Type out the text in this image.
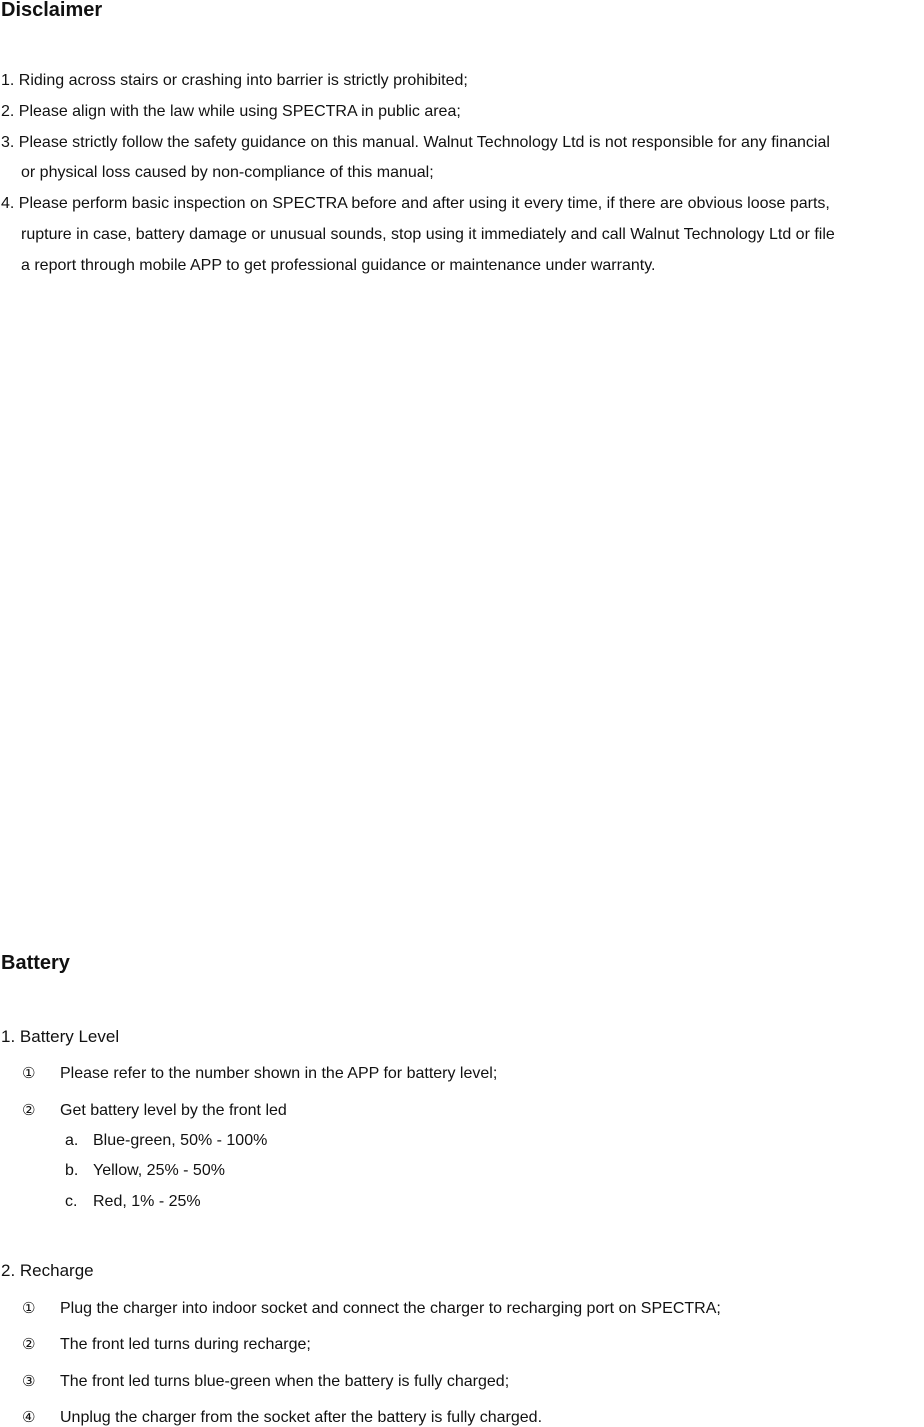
Disclaimer
1. Riding across stairs or crashing into barrier is strictly prohibited;
2. Please align with the law while using SPECTRA in public area;
3. Please strictly follow the safety guidance on this manual. Walnut Technology Ltd is not responsible for any financial
or physical loss caused by non-compliance of this manual;
4. Please perform basic inspection on SPECTRA before and after using it every time, if there are obvious loose parts,
rupture in case, battery damage or unusual sounds, stop using it immediately and call Walnut Technology Ltd or file
a report through mobile APP to get professional guidance or maintenance under warranty.
Battery
1. Battery Level
① Please refer to the number shown in the APP for battery level;
② Get battery level by the front led
a. Blue-green, 50% - 100%
b. Yellow, 25% - 50%
c. Red, 1% - 25%
2. Recharge
① Plug the charger into indoor socket and connect the charger to recharging port on SPECTRA;
② The front led turns during recharge;
③ The front led turns blue-green when the battery is fully charged;
④ Unplug the charger from the socket after the battery is fully charged.
